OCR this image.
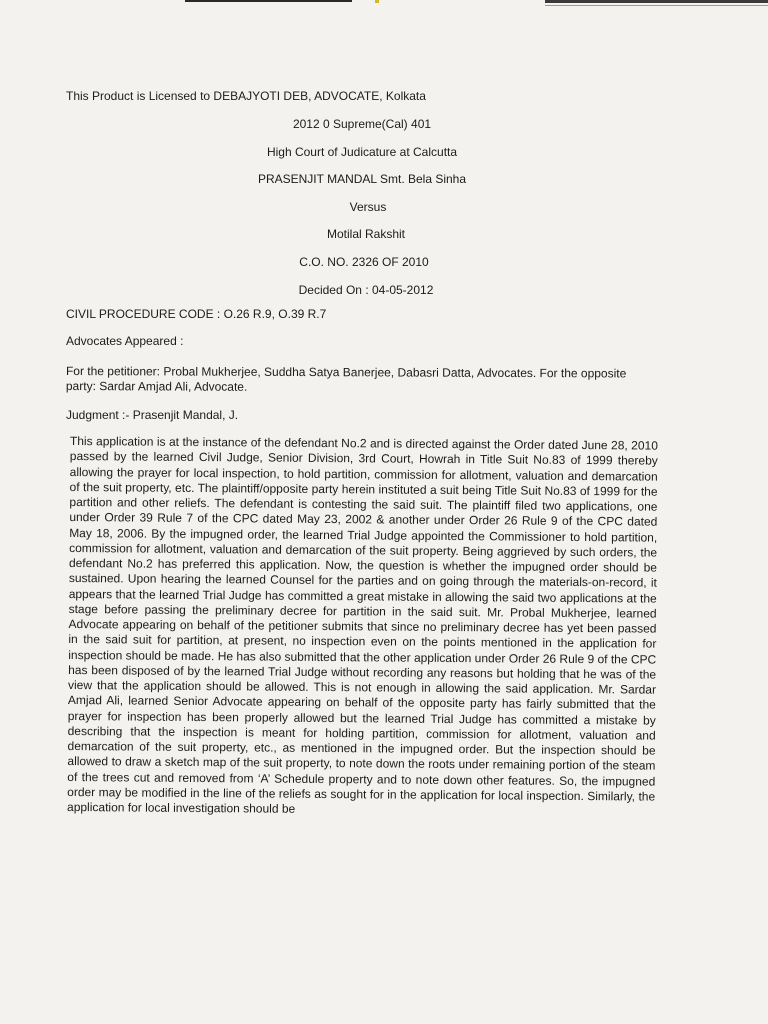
This Product is Licensed to DEBAJYOTI DEB, ADVOCATE, Kolkata
2012 0 Supreme(Cal) 401
High Court of Judicature at Calcutta
PRASENJIT MANDAL Smt. Bela Sinha
Versus
Motilal Rakshit
C.O. NO. 2326 OF 2010
Decided On : 04-05-2012
CIVIL PROCEDURE CODE : O.26 R.9, O.39 R.7
Advocates Appeared :
For the petitioner: Probal Mukherjee, Suddha Satya Banerjee, Dabasri Datta, Advocates. For the opposite party: Sardar Amjad Ali, Advocate.
Judgment :- Prasenjit Mandal, J.

This application is at the instance of the defendant No.2 and is directed against the Order dated June 28, 2010 passed by the learned Civil Judge, Senior Division, 3rd Court, Howrah in Title Suit No.83 of 1999 thereby allowing the prayer for local inspection, to hold partition, commission for allotment, valuation and demarcation of the suit property, etc. The plaintiff/opposite party herein instituted a suit being Title Suit No.83 of 1999 for the partition and other reliefs. The defendant is contesting the said suit. The plaintiff filed two applications, one under Order 39 Rule 7 of the CPC dated May 23, 2002 & another under Order 26 Rule 9 of the CPC dated May 18, 2006. By the impugned order, the learned Trial Judge appointed the Commissioner to hold partition, commission for allotment, valuation and demarcation of the suit property. Being aggrieved by such orders, the defendant No.2 has preferred this application. Now, the question is whether the impugned order should be sustained. Upon hearing the learned Counsel for the parties and on going through the materials-on-record, it appears that the learned Trial Judge has committed a great mistake in allowing the said two applications at the stage before passing the preliminary decree for partition in the said suit. Mr. Probal Mukherjee, learned Advocate appearing on behalf of the petitioner submits that since no preliminary decree has yet been passed in the said suit for partition, at present, no inspection even on the points mentioned in the application for inspection should be made. He has also submitted that the other application under Order 26 Rule 9 of the CPC has been disposed of by the learned Trial Judge without recording any reasons but holding that he was of the view that the application should be allowed. This is not enough in allowing the said application. Mr. Sardar Amjad Ali, learned Senior Advocate appearing on behalf of the opposite party has fairly submitted that the prayer for inspection has been properly allowed but the learned Trial Judge has committed a mistake by describing that the inspection is meant for holding partition, commission for allotment, valuation and demarcation of the suit property, etc., as mentioned in the impugned order. But the inspection should be allowed to draw a sketch map of the suit property, to note down the roots under remaining portion of the steam of the trees cut and removed from ‘A’ Schedule property and to note down other features. So, the impugned order may be modified in the line of the reliefs as sought for in the application for local inspection. Similarly, the application for local investigation should be
